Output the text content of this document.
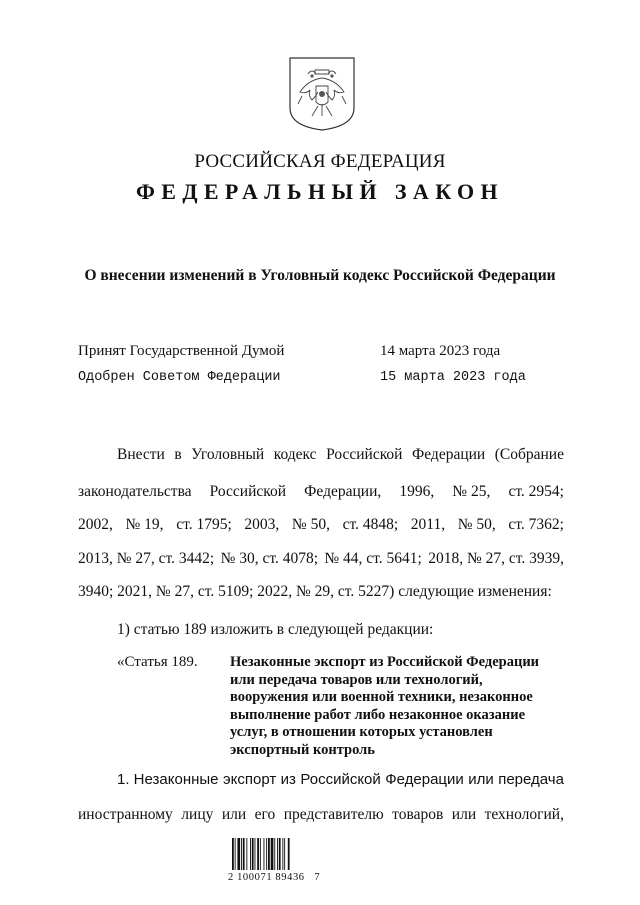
РОССИЙСКАЯ ФЕДЕРАЦИЯ
ФЕДЕРАЛЬНЫЙ ЗАКОН
О внесении изменений в Уголовный кодекс Российской Федерации
Принят Государственной Думой	14 марта 2023 года
Одобрен Советом Федерации	15 марта 2023 года
Внести в Уголовный кодекс Российской Федерации (Собрание
законодательства Российской Федерации, 1996, № 25, ст. 2954;
2002, № 19, ст. 1795; 2003, № 50, ст. 4848; 2011, № 50, ст. 7362;
2013, № 27, ст. 3442; № 30, ст. 4078; № 44, ст. 5641; 2018, № 27, ст. 3939,
3940; 2021, № 27, ст. 5109; 2022, № 29, ст. 5227) следующие изменения:
1) статью 189 изложить в следующей редакции:
«Статья 189. Незаконные экспорт из Российской Федерации
или передача товаров или технологий,
вооружения или военной техники, незаконное
выполнение работ либо незаконное оказание
услуг, в отношении которых установлен
экспортный контроль
1. Незаконные экспорт из Российской Федерации или передача
иностранному лицу или его представителю товаров или технологий,
2 100071 89436   7
